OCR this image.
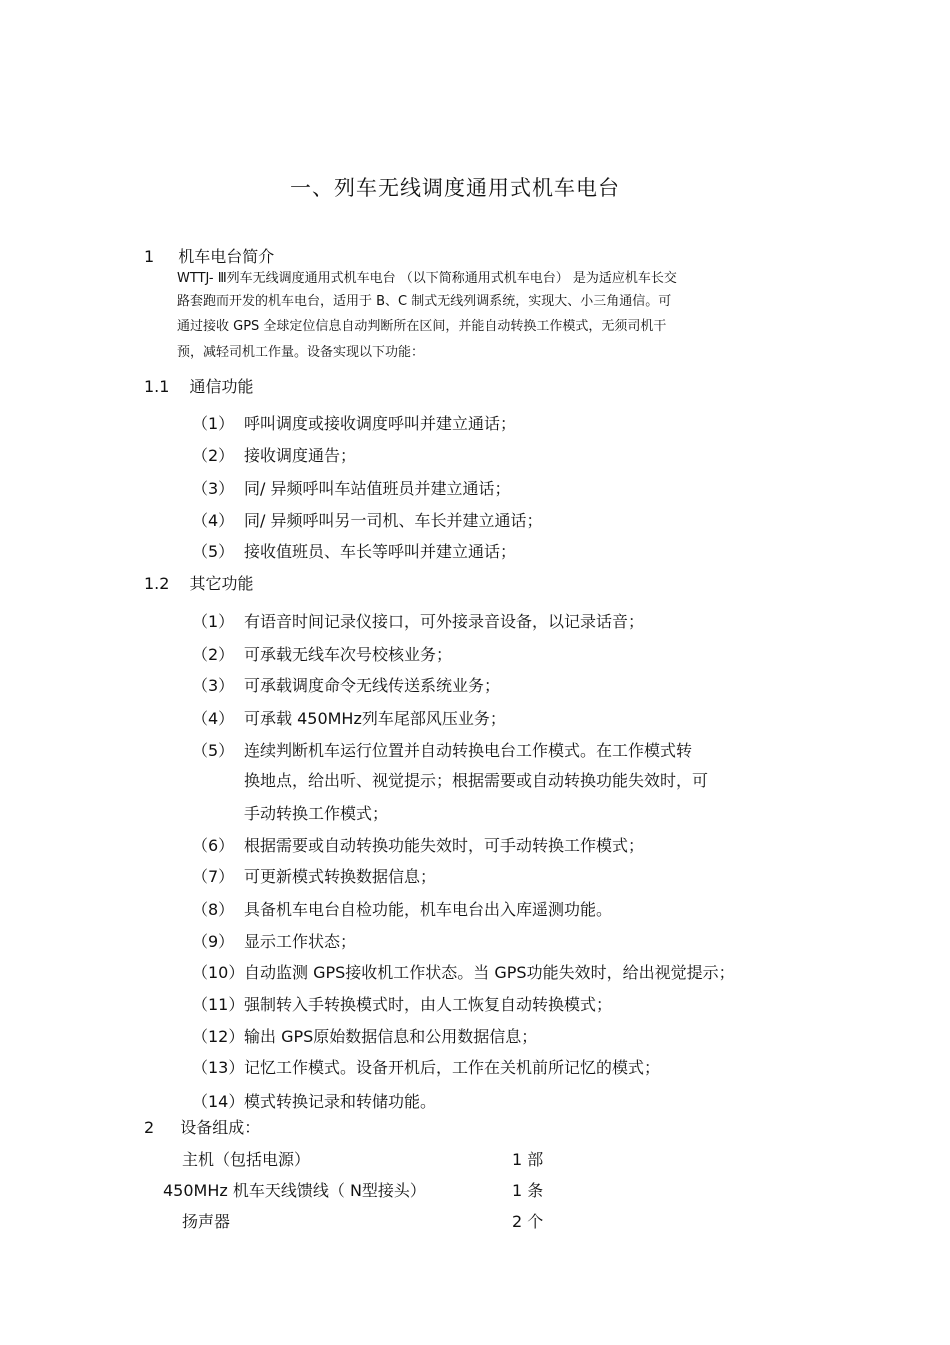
一、列车无线调度通用式机车电台
1 机车电台简介
WTTJ- Ⅲ列车无线调度通用式机车电台 （以下简称通用式机车电台） 是为适应机车长交
路套跑而开发的机车电台，适用于 B、C 制式无线列调系统，实现大、小三角通信。可
通过接收 GPS 全球定位信息自动判断所在区间，并能自动转换工作模式，无须司机干
预，减轻司机工作量。设备实现以下功能：
1.1 通信功能
（1） 呼叫调度或接收调度呼叫并建立通话；
（2） 接收调度通告；
（3） 同/ 异频呼叫车站值班员并建立通话；
（4） 同/ 异频呼叫另一司机、车长并建立通话；
（5） 接收值班员、车长等呼叫并建立通话；
1.2 其它功能
（1） 有语音时间记录仪接口，可外接录音设备，以记录话音；
（2） 可承载无线车次号校核业务；
（3） 可承载调度命令无线传送系统业务；
（4） 可承载 450MHz列车尾部风压业务；
（5） 连续判断机车运行位置并自动转换电台工作模式。在工作模式转
换地点，给出听、视觉提示；根据需要或自动转换功能失效时，可
手动转换工作模式；
（6） 根据需要或自动转换功能失效时，可手动转换工作模式；
（7） 可更新模式转换数据信息；
（8） 具备机车电台自检功能，机车电台出入库遥测功能。
（9） 显示工作状态；
（10） 自动监测 GPS接收机工作状态。当 GPS功能失效时，给出视觉提示；
（11） 强制转入手转换模式时，由人工恢复自动转换模式；
（12） 输出 GPS原始数据信息和公用数据信息；
（13） 记忆工作模式。设备开机后，工作在关机前所记忆的模式；
（14） 模式转换记录和转储功能。
2 设备组成：
主机（包括电源）	1 部
450MHz 机车天线馈线（ N型接头）	1 条
扬声器	2 个
